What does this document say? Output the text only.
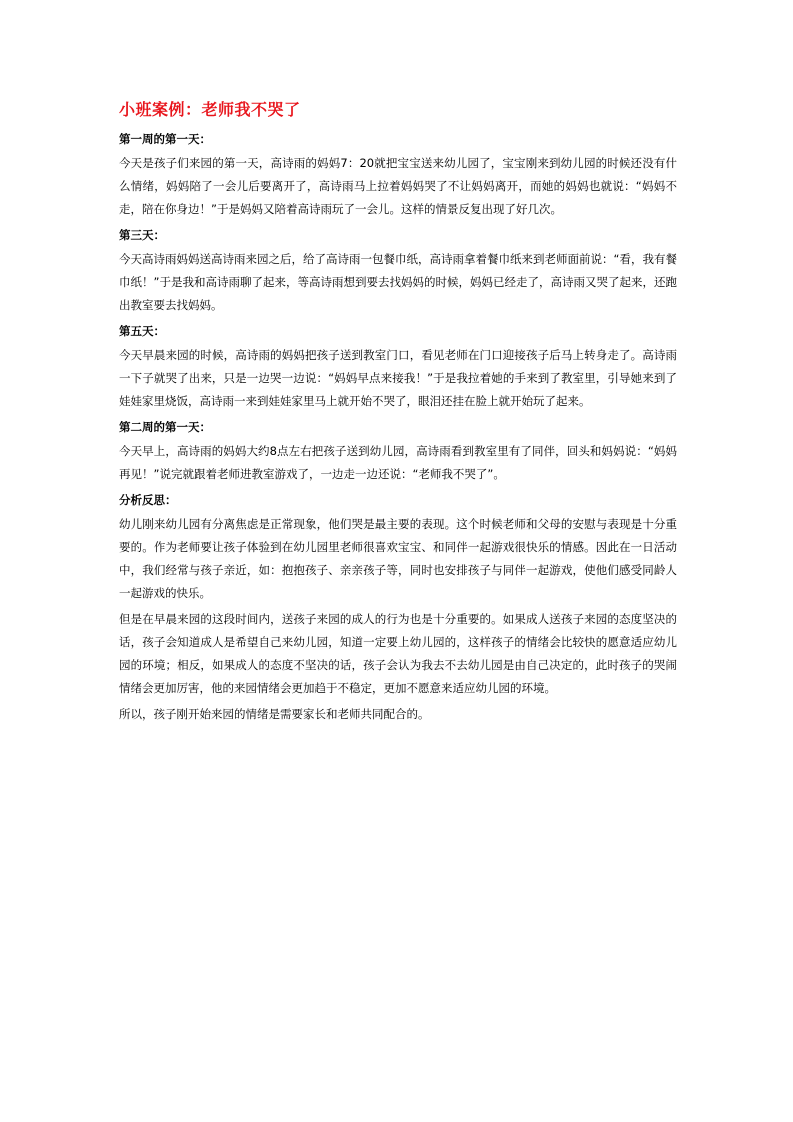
小班案例：老师我不哭了
第一周的第一天：

今天是孩子们来园的第一天，高诗雨的妈妈7：20就把宝宝送来幼儿园了，宝宝刚来到幼儿园的时候还没有什么情绪，妈妈陪了一会儿后要离开了，高诗雨马上拉着妈妈哭了不让妈妈离开，而她的妈妈也就说：“妈妈不走，陪在你身边！”于是妈妈又陪着高诗雨玩了一会儿。这样的情景反复出现了好几次。

第三天：

今天高诗雨妈妈送高诗雨来园之后，给了高诗雨一包餐巾纸，高诗雨拿着餐巾纸来到老师面前说：“看，我有餐巾纸！”于是我和高诗雨聊了起来，等高诗雨想到要去找妈妈的时候，妈妈已经走了，高诗雨又哭了起来，还跑出教室要去找妈妈。

第五天：

今天早晨来园的时候，高诗雨的妈妈把孩子送到教室门口，看见老师在门口迎接孩子后马上转身走了。高诗雨一下子就哭了出来，只是一边哭一边说：“妈妈早点来接我！”于是我拉着她的手来到了教室里，引导她来到了娃娃家里烧饭，高诗雨一来到娃娃家里马上就开始不哭了，眼泪还挂在脸上就开始玩了起来。

第二周的第一天：

今天早上，高诗雨的妈妈大约8点左右把孩子送到幼儿园，高诗雨看到教室里有了同伴，回头和妈妈说：“妈妈再见！”说完就跟着老师进教室游戏了，一边走一边还说：“老师我不哭了”。

分析反思：

幼儿刚来幼儿园有分离焦虑是正常现象，他们哭是最主要的表现。这个时候老师和父母的安慰与表现是十分重要的。作为老师要让孩子体验到在幼儿园里老师很喜欢宝宝、和同伴一起游戏很快乐的情感。因此在一日活动中，我们经常与孩子亲近，如：抱抱孩子、亲亲孩子等，同时也安排孩子与同伴一起游戏，使他们感受同龄人一起游戏的快乐。

但是在早晨来园的这段时间内，送孩子来园的成人的行为也是十分重要的。如果成人送孩子来园的态度坚决的话，孩子会知道成人是希望自己来幼儿园，知道一定要上幼儿园的，这样孩子的情绪会比较快的愿意适应幼儿园的环境；相反，如果成人的态度不坚决的话，孩子会认为我去不去幼儿园是由自己决定的，此时孩子的哭闹情绪会更加厉害，他的来园情绪会更加趋于不稳定，更加不愿意来适应幼儿园的环境。

所以，孩子刚开始来园的情绪是需要家长和老师共同配合的。
